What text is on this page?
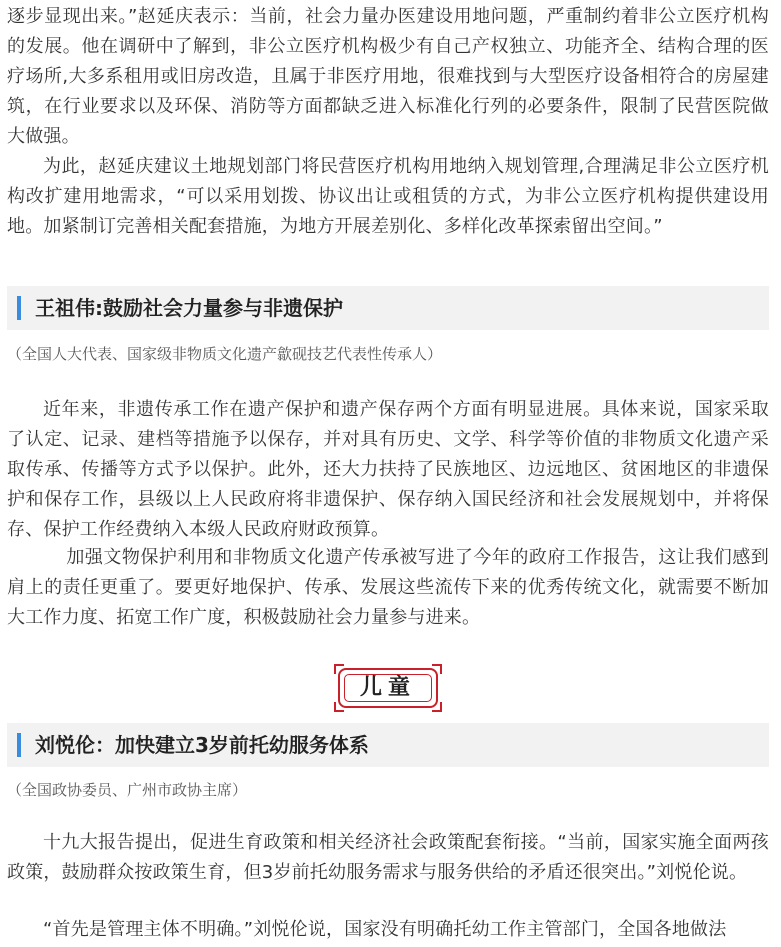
逐步显现出来。”赵延庆表示：当前，社会力量办医建设用地问题，严重制约着非公立医疗机构的发展。他在调研中了解到，非公立医疗机构极少有自己产权独立、功能齐全、结构合理的医疗场所,大多系租用或旧房改造，且属于非医疗用地，很难找到与大型医疗设备相符合的房屋建筑，在行业要求以及环保、消防等方面都缺乏进入标准化行列的必要条件，限制了民营医院做大做强。

为此，赵延庆建议土地规划部门将民营医疗机构用地纳入规划管理,合理满足非公立医疗机构改扩建用地需求，“可以采用划拨、协议出让或租赁的方式，为非公立医疗机构提供建设用地。加紧制订完善相关配套措施，为地方开展差别化、多样化改革探索留出空间。”

王祖伟:鼓励社会力量参与非遗保护
（全国人大代表、国家级非物质文化遗产歙砚技艺代表性传承人）

近年来，非遗传承工作在遗产保护和遗产保存两个方面有明显进展。具体来说，国家采取了认定、记录、建档等措施予以保存，并对具有历史、文学、科学等价值的非物质文化遗产采取传承、传播等方式予以保护。此外，还大力扶持了民族地区、边远地区、贫困地区的非遗保护和保存工作，县级以上人民政府将非遗保护、保存纳入国民经济和社会发展规划中，并将保存、保护工作经费纳入本级人民政府财政预算。

加强文物保护利用和非物质文化遗产传承被写进了今年的政府工作报告，这让我们感到肩上的责任更重了。要更好地保护、传承、发展这些流传下来的优秀传统文化，就需要不断加大工作力度、拓宽工作广度，积极鼓励社会力量参与进来。

儿童
刘悦伦：加快建立3岁前托幼服务体系
（全国政协委员、广州市政协主席）

十九大报告提出，促进生育政策和相关经济社会政策配套衔接。“当前，国家实施全面两孩政策，鼓励群众按政策生育，但3岁前托幼服务需求与服务供给的矛盾还很突出。”刘悦伦说。

“首先是管理主体不明确。”刘悦伦说，国家没有明确托幼工作主管部门，全国各地做法
